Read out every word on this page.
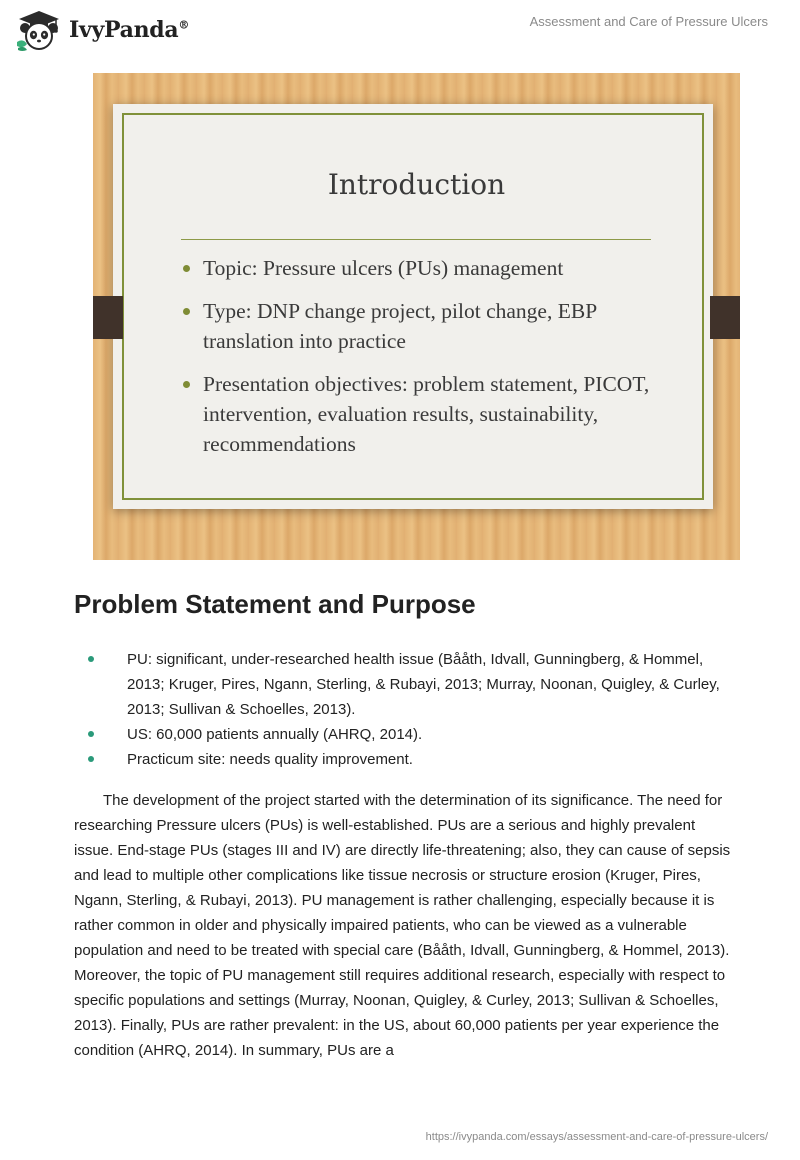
IvyPanda®	Assessment and Care of Pressure Ulcers
Introduction
Topic: Pressure ulcers (PUs) management
Type: DNP change project, pilot change, EBP translation into practice
Presentation objectives: problem statement, PICOT, intervention, evaluation results, sustainability, recommendations
Problem Statement and Purpose
PU: significant, under-researched health issue (Bååth, Idvall, Gunningberg, & Hommel, 2013; Kruger, Pires, Ngann, Sterling, & Rubayi, 2013; Murray, Noonan, Quigley, & Curley, 2013; Sullivan & Schoelles, 2013).
US: 60,000 patients annually (AHRQ, 2014).
Practicum site: needs quality improvement.

The development of the project started with the determination of its significance. The need for researching Pressure ulcers (PUs) is well-established. PUs are a serious and highly prevalent issue. End-stage PUs (stages III and IV) are directly life-threatening; also, they can cause of sepsis and lead to multiple other complications like tissue necrosis or structure erosion (Kruger, Pires, Ngann, Sterling, & Rubayi, 2013). PU management is rather challenging, especially because it is rather common in older and physically impaired patients, who can be viewed as a vulnerable population and need to be treated with special care (Bååth, Idvall, Gunningberg, & Hommel, 2013). Moreover, the topic of PU management still requires additional research, especially with respect to specific populations and settings (Murray, Noonan, Quigley, & Curley, 2013; Sullivan & Schoelles, 2013). Finally, PUs are rather prevalent: in the US, about 60,000 patients per year experience the condition (AHRQ, 2014). In summary, PUs are a

https://ivypanda.com/essays/assessment-and-care-of-pressure-ulcers/
